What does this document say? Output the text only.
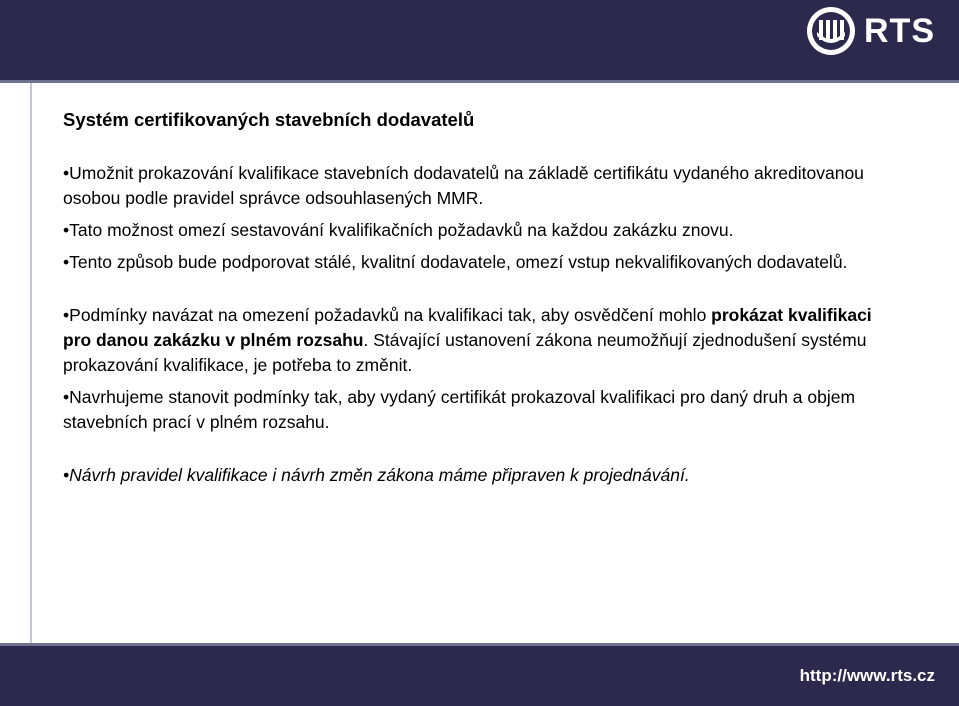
RTS

Systém certifikovaných stavebních dodavatelů

•Umožnit prokazování kvalifikace stavebních dodavatelů na základě certifikátu vydaného akreditovanou osobou podle pravidel správce odsouhlasených MMR.

•Tato možnost omezí sestavování kvalifikačních požadavků na každou zakázku znovu.

•Tento způsob bude podporovat stálé, kvalitní dodavatele, omezí vstup nekvalifikovaných dodavatelů.

•Podmínky navázat na omezení požadavků na kvalifikaci tak, aby osvědčení mohlo prokázat kvalifikaci pro danou zakázku v plném rozsahu. Stávající ustanovení zákona neumožňují zjednodušení systému prokazování kvalifikace, je potřeba to změnit.

•Navrhujeme stanovit podmínky tak, aby vydaný certifikát prokazoval kvalifikaci pro daný druh a objem stavebních prací v plném rozsahu.

•Návrh pravidel kvalifikace i návrh změn zákona máme připraven k projednávání.

http://www.rts.cz
